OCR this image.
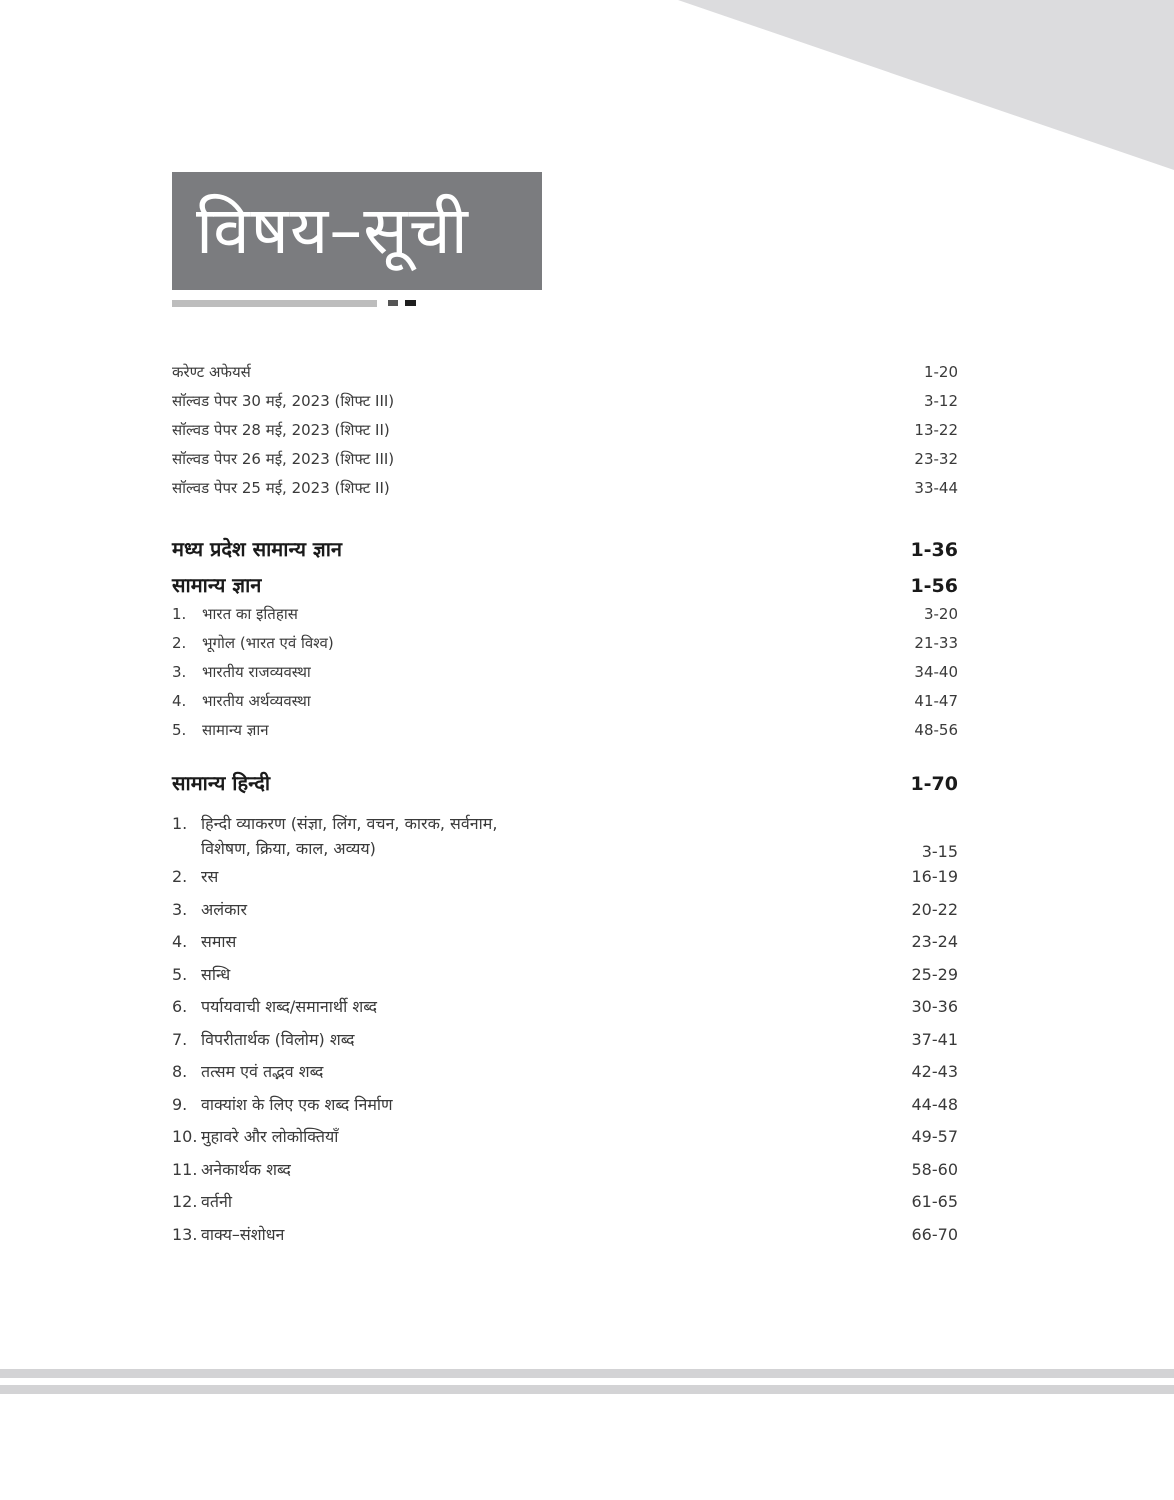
विषय–सूची
करेण्ट अफेयर्स	1-20
सॉल्वड पेपर 30 मई, 2023 (शिफ्ट III)	3-12
सॉल्वड पेपर 28 मई, 2023 (शिफ्ट II)	13-22
सॉल्वड पेपर 26 मई, 2023 (शिफ्ट III)	23-32
सॉल्वड पेपर 25 मई, 2023 (शिफ्ट II)	33-44
मध्य प्रदेश सामान्य ज्ञान	1-36
सामान्य ज्ञान	1-56
1. भारत का इतिहास	3-20
2. भूगोल (भारत एवं विश्व)	21-33
3. भारतीय राजव्यवस्था	34-40
4. भारतीय अर्थव्यवस्था	41-47
5. सामान्य ज्ञान	48-56
सामान्य हिन्दी	1-70
1. हिन्दी व्याकरण (संज्ञा, लिंग, वचन, कारक, सर्वनाम,
विशेषण, क्रिया, काल, अव्यय)	3-15
2. रस	16-19
3. अलंकार	20-22
4. समास	23-24
5. सन्धि	25-29
6. पर्यायवाची शब्द/समानार्थी शब्द	30-36
7. विपरीतार्थक (विलोम) शब्द	37-41
8. तत्सम एवं तद्भव शब्द	42-43
9. वाक्यांश के लिए एक शब्द निर्माण	44-48
10. मुहावरे और लोकोक्तियाँ	49-57
11. अनेकार्थक शब्द	58-60
12. वर्तनी	61-65
13. वाक्य–संशोधन	66-70
